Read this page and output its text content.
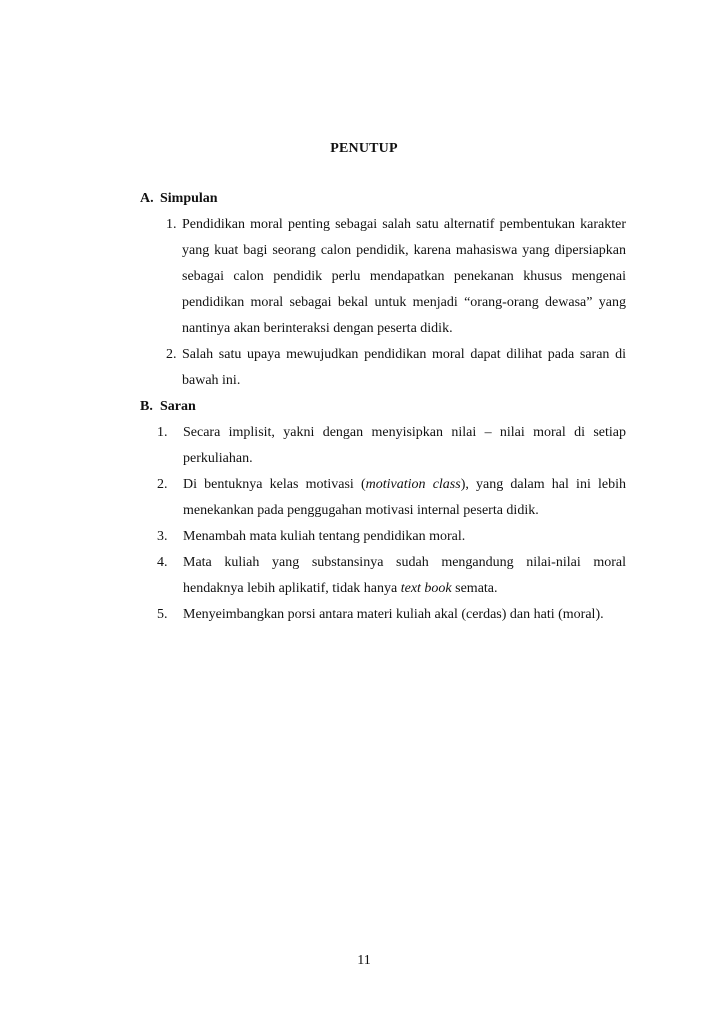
PENUTUP
A. Simpulan
1. Pendidikan moral penting sebagai salah satu alternatif pembentukan karakter yang kuat bagi seorang calon pendidik, karena mahasiswa yang dipersiapkan sebagai calon pendidik perlu mendapatkan penekanan khusus mengenai pendidikan moral sebagai bekal untuk menjadi “orang-orang dewasa” yang nantinya akan berinteraksi dengan peserta didik.
2. Salah satu upaya mewujudkan pendidikan moral dapat dilihat pada saran di bawah ini.
B. Saran
1.	Secara implisit, yakni dengan menyisipkan nilai – nilai moral di setiap perkuliahan.
2.	Di bentuknya kelas motivasi (motivation class), yang dalam hal ini lebih menekankan pada penggugahan motivasi internal peserta didik.
3.	Menambah mata kuliah tentang pendidikan moral.
4.	Mata kuliah yang substansinya sudah mengandung nilai-nilai moral hendaknya lebih aplikatif, tidak hanya text book semata.
5.	Menyeimbangkan porsi antara materi kuliah akal (cerdas) dan hati (moral).
11
